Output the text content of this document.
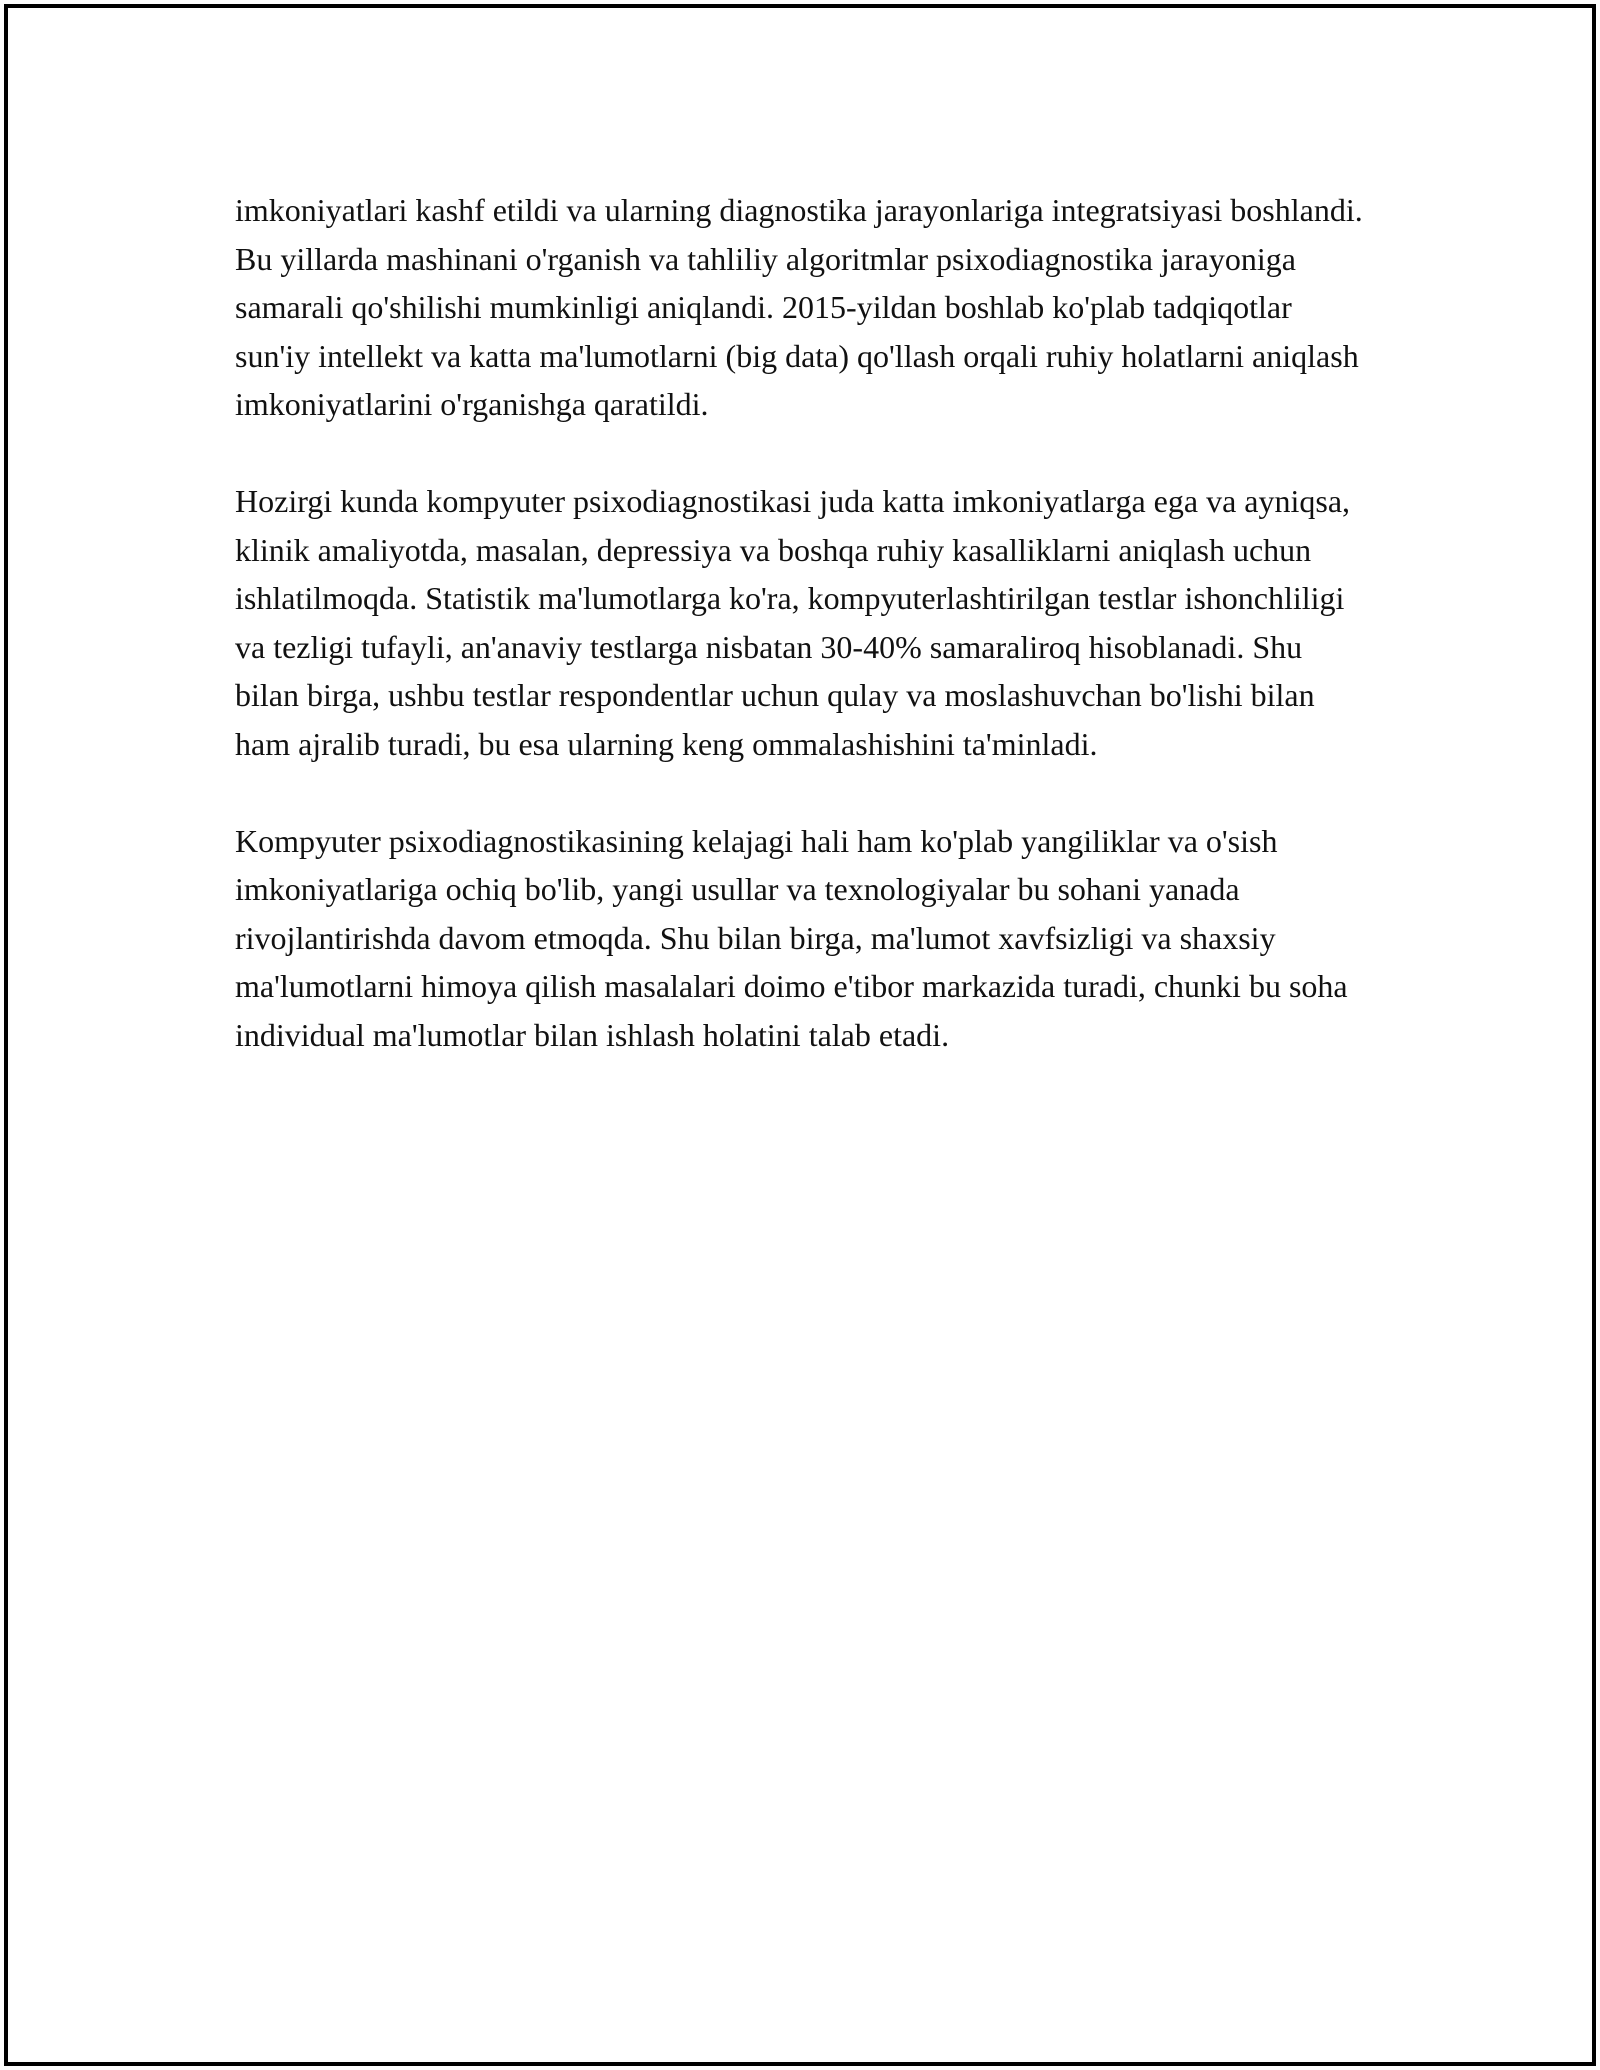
imkoniyatlari kashf etildi va ularning diagnostika jarayonlariga integratsiyasi boshlandi. Bu yillarda mashinani o'rganish va tahliliy algoritmlar psixodiagnostika jarayoniga samarali qo'shilishi mumkinligi aniqlandi. 2015-yildan boshlab ko'plab tadqiqotlar sun'iy intellekt va katta ma'lumotlarni (big data) qo'llash orqali ruhiy holatlarni aniqlash imkoniyatlarini o'rganishga qaratildi.

Hozirgi kunda kompyuter psixodiagnostikasi juda katta imkoniyatlarga ega va ayniqsa, klinik amaliyotda, masalan, depressiya va boshqa ruhiy kasalliklarni aniqlash uchun ishlatilmoqda. Statistik ma'lumotlarga ko'ra, kompyuterlashtirilgan testlar ishonchliligi va tezligi tufayli, an'anaviy testlarga nisbatan 30-40% samaraliroq hisoblanadi. Shu bilan birga, ushbu testlar respondentlar uchun qulay va moslashuvchan bo'lishi bilan ham ajralib turadi, bu esa ularning keng ommalashishini ta'minladi.

Kompyuter psixodiagnostikasining kelajagi hali ham ko'plab yangiliklar va o'sish imkoniyatlariga ochiq bo'lib, yangi usullar va texnologiyalar bu sohani yanada rivojlantirishda davom etmoqda. Shu bilan birga, ma'lumot xavfsizligi va shaxsiy ma'lumotlarni himoya qilish masalalari doimo e'tibor markazida turadi, chunki bu soha individual ma'lumotlar bilan ishlash holatini talab etadi.
